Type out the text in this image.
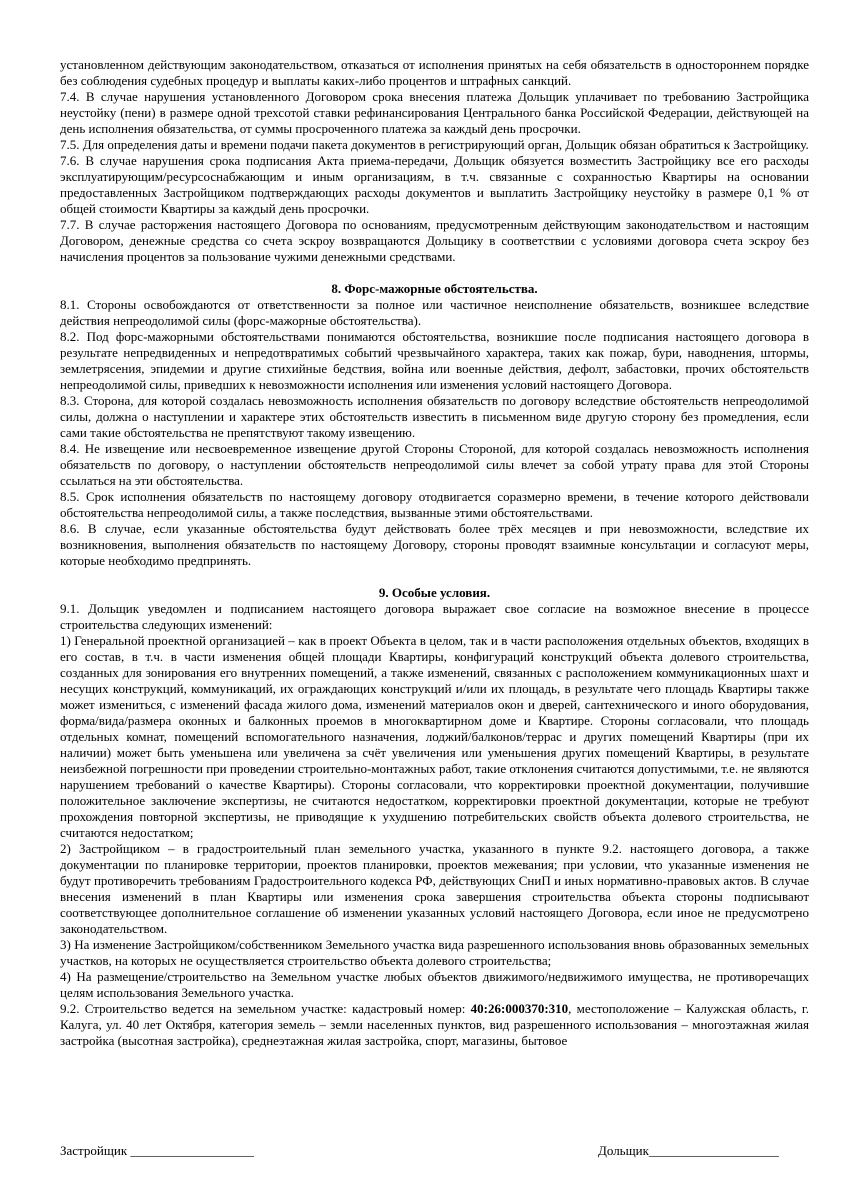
установленном действующим законодательством, отказаться от исполнения принятых на себя обязательств в одностороннем порядке без соблюдения судебных процедур и выплаты каких-либо процентов и штрафных санкций.

7.4. В случае нарушения установленного Договором срока внесения платежа Дольщик уплачивает по требованию Застройщика неустойку (пени) в размере одной трехсотой ставки рефинансирования Центрального банка Российской Федерации, действующей на день исполнения обязательства, от суммы просроченного платежа за каждый день просрочки.

7.5. Для определения даты и времени подачи пакета документов в регистрирующий орган, Дольщик обязан обратиться к Застройщику.

7.6. В случае нарушения срока подписания Акта приема-передачи, Дольщик обязуется возместить Застройщику все его расходы эксплуатирующим/ресурсоснабжающим и иным организациям, в т.ч. связанные с сохранностью Квартиры на основании предоставленных Застройщиком подтверждающих расходы документов и выплатить Застройщику неустойку в размере 0,1 % от общей стоимости Квартиры за каждый день просрочки.

7.7. В случае расторжения настоящего Договора по основаниям, предусмотренным действующим законодательством и настоящим Договором, денежные средства со счета эскроу возвращаются Дольщику в соответствии с условиями договора счета эскроу без начисления процентов за пользование чужими денежными средствами.

8. Форс-мажорные обстоятельства.

8.1. Стороны освобождаются от ответственности за полное или частичное неисполнение обязательств, возникшее вследствие действия непреодолимой силы (форс-мажорные обстоятельства).

8.2. Под форс-мажорными обстоятельствами понимаются обстоятельства, возникшие после подписания настоящего договора в результате непредвиденных и непредотвратимых событий чрезвычайного характера, таких как пожар, бури, наводнения, штормы, землетрясения, эпидемии и другие стихийные бедствия, война или военные действия, дефолт, забастовки, прочих обстоятельств непреодолимой силы, приведших к невозможности исполнения или изменения условий настоящего Договора.

8.3. Сторона, для которой создалась невозможность исполнения обязательств по договору вследствие обстоятельств непреодолимой силы, должна о наступлении и характере этих обстоятельств известить в письменном виде другую сторону без промедления, если сами такие обстоятельства не препятствуют такому извещению.

8.4. Не извещение или несвоевременное извещение другой Стороны Стороной, для которой создалась невозможность исполнения обязательств по договору, о наступлении обстоятельств непреодолимой силы влечет за собой утрату права для этой Стороны ссылаться на эти обстоятельства.

8.5. Срок исполнения обязательств по настоящему договору отодвигается соразмерно времени, в течение которого действовали обстоятельства непреодолимой силы, а также последствия, вызванные этими обстоятельствами.

8.6. В случае, если указанные обстоятельства будут действовать более трёх месяцев и при невозможности, вследствие их возникновения, выполнения обязательств по настоящему Договору, стороны проводят взаимные консультации и согласуют меры, которые необходимо предпринять.

9. Особые условия.

9.1. Дольщик уведомлен и подписанием настоящего договора выражает свое согласие на возможное внесение в процессе строительства следующих изменений:

1) Генеральной проектной организацией – как в проект Объекта в целом, так и в части расположения отдельных объектов, входящих в его состав, в т.ч. в части изменения общей площади Квартиры, конфигураций конструкций объекта долевого строительства, созданных для зонирования его внутренних помещений, а также изменений, связанных с расположением коммуникационных шахт и несущих конструкций, коммуникаций, их ограждающих конструкций и/или их площадь, в результате чего площадь Квартиры также может измениться, с изменений фасада жилого дома, изменений материалов окон и дверей, сантехнического и иного оборудования, форма/вида/размера оконных и балконных проемов в многоквартирном доме и Квартире. Стороны согласовали, что площадь отдельных комнат, помещений вспомогательного назначения, лоджий/балконов/террас и других помещений Квартиры (при их наличии) может быть уменьшена или увеличена за счёт увеличения или уменьшения других помещений Квартиры, в результате неизбежной погрешности при проведении строительно-монтажных работ, такие отклонения считаются допустимыми, т.е. не являются нарушением требований о качестве Квартиры). Стороны согласовали, что корректировки проектной документации, получившие положительное заключение экспертизы, не считаются недостатком, корректировки проектной документации, которые не требуют прохождения повторной экспертизы, не приводящие к ухудшению потребительских свойств объекта долевого строительства, не считаются недостатком;

2) Застройщиком – в градостроительный план земельного участка, указанного в пункте 9.2. настоящего договора, а также документации по планировке территории, проектов планировки, проектов межевания; при условии, что указанные изменения не будут противоречить требованиям Градостроительного кодекса РФ, действующих СниП и иных нормативно-правовых актов. В случае внесения изменений в план Квартиры или изменения срока завершения строительства объекта стороны подписывают соответствующее дополнительное соглашение об изменении указанных условий настоящего Договора, если иное не предусмотрено законодательством.

3) На изменение Застройщиком/собственником Земельного участка вида разрешенного использования вновь образованных земельных участков, на которых не осуществляется строительство объекта долевого строительства;

4) На размещение/строительство на Земельном участке любых объектов движимого/недвижимого имущества, не противоречащих целям использования Земельного участка.

9.2. Строительство ведется на земельном участке: кадастровый номер: 40:26:000370:310, местоположение – Калужская область, г. Калуга, ул. 40 лет Октября, категория земель – земли населенных пунктов, вид разрешенного использования – многоэтажная жилая застройка (высотная застройка), среднеэтажная жилая застройка, спорт, магазины, бытовое

Застройщик ___________________	Дольщик____________________
